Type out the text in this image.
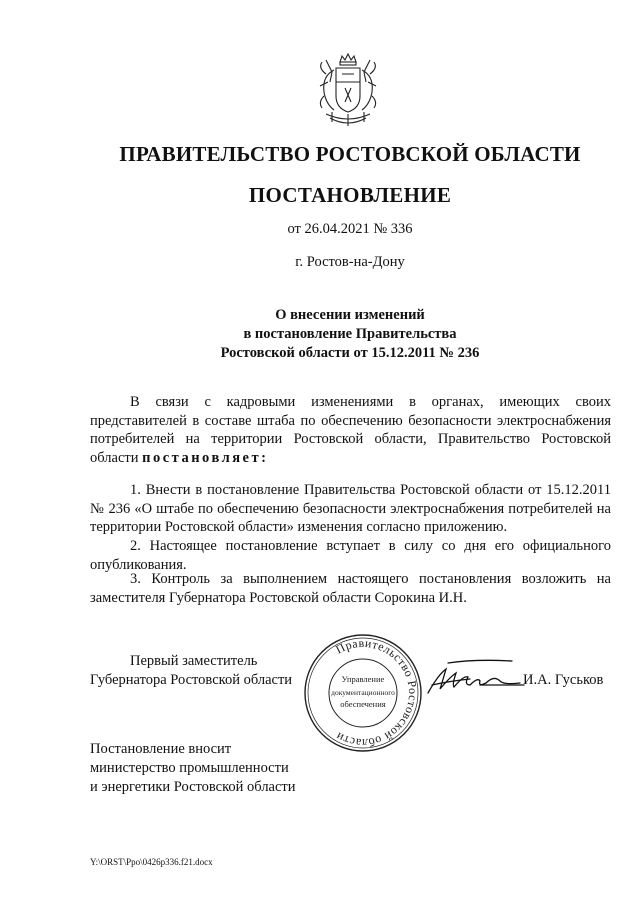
ПРАВИТЕЛЬСТВО РОСТОВСКОЙ ОБЛАСТИ
ПОСТАНОВЛЕНИЕ
от 26.04.2021 № 336
г. Ростов-на-Дону
О внесении изменений
в постановление Правительства
Ростовской области от 15.12.2011 № 236
В связи с кадровыми изменениями в органах, имеющих своих представителей в составе штаба по обеспечению безопасности электроснабжения потребителей на территории Ростовской области, Правительство Ростовской области постановляет:
1. Внести в постановление Правительства Ростовской области от 15.12.2011 № 236 «О штабе по обеспечению безопасности электроснабжения потребителей на территории Ростовской области» изменения согласно приложению.
2. Настоящее постановление вступает в силу со дня его официального опубликования.
3. Контроль за выполнением настоящего постановления возложить на заместителя Губернатора Ростовской области Сорокина И.Н.
Первый заместитель
Губернатора Ростовской области	И.А. Гуськов
Правительство Ростовской области
Управление
документационного
обеспечения
Постановление вносит
министерство промышленности
и энергетики Ростовской области
Y:\ORST\Ppo\0426p336.f21.docx
